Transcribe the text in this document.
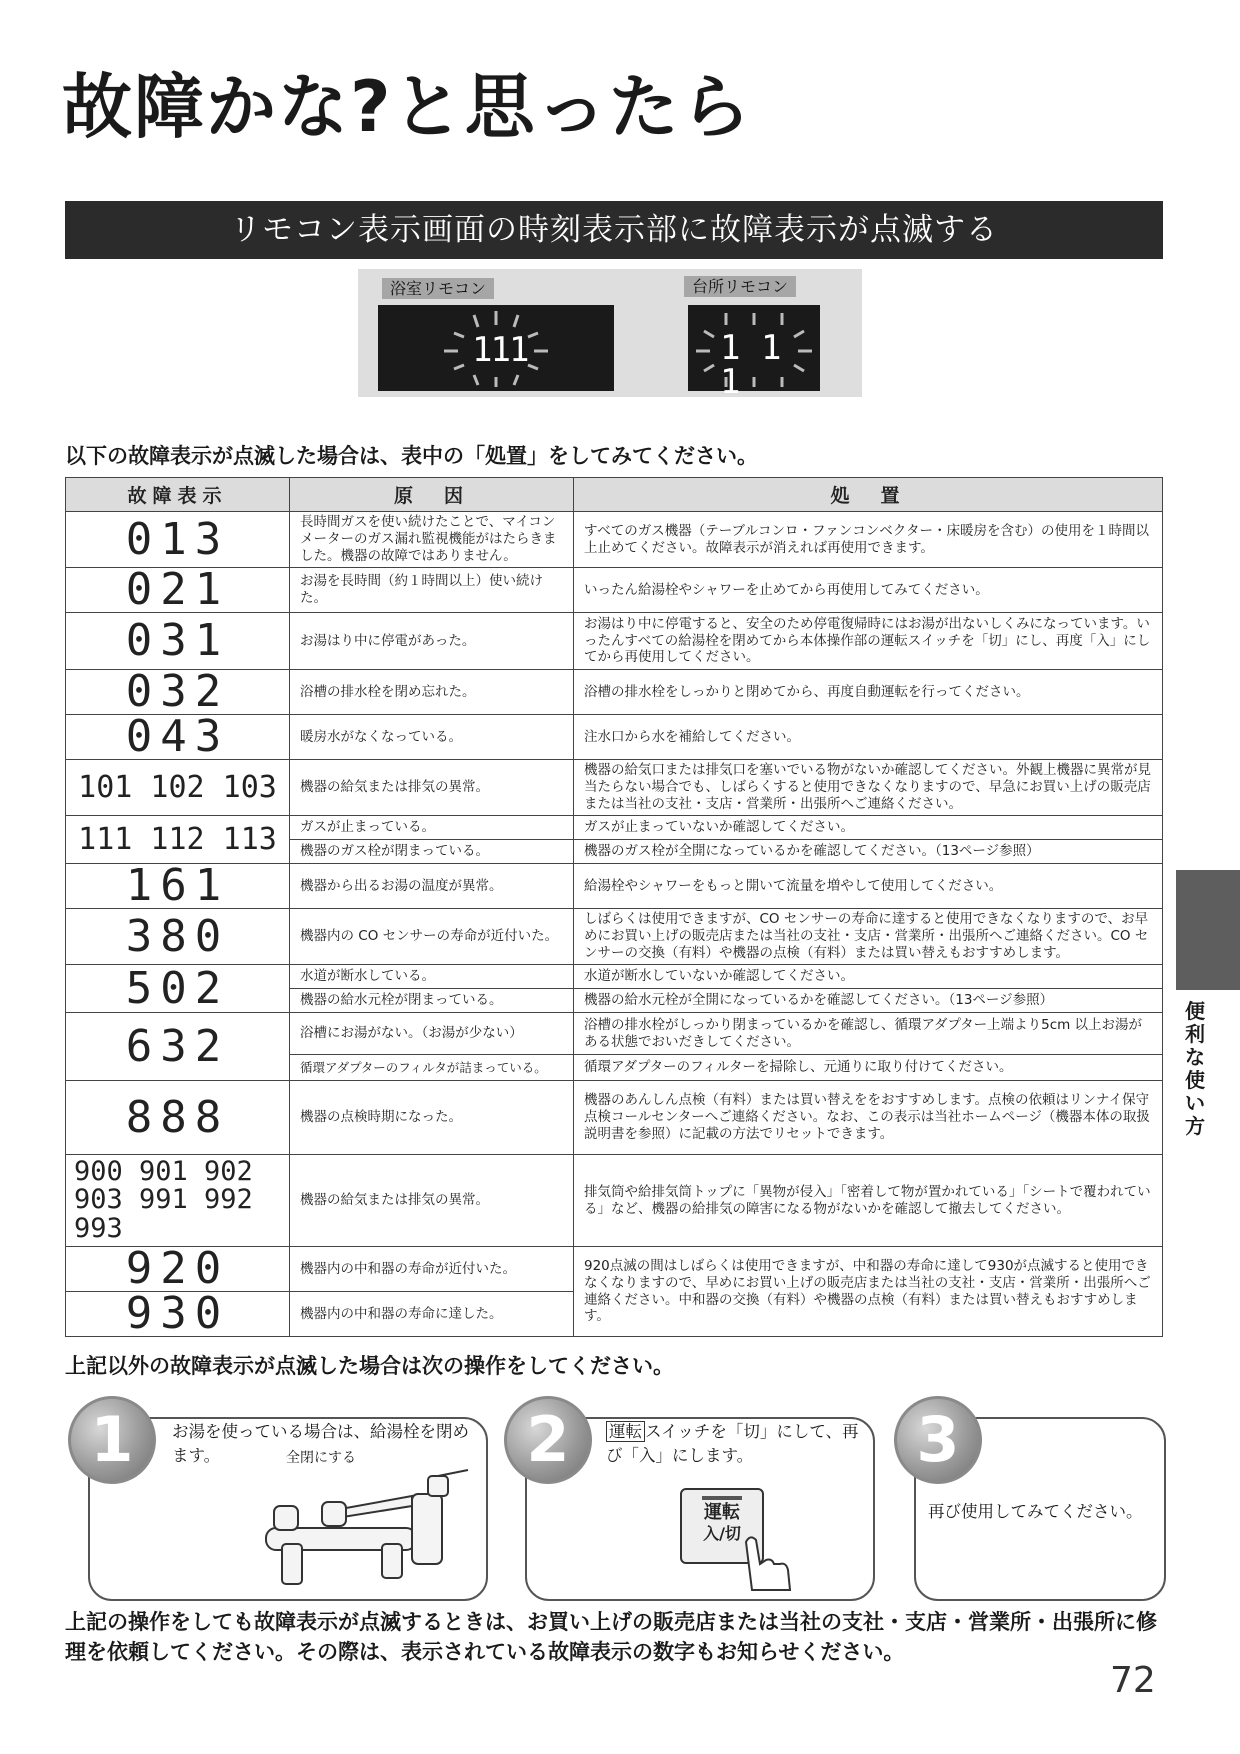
故障かな?と思ったら
リモコン表示画面の時刻表示部に故障表示が点滅する
浴室リモコン
111
台所リモコン
1 1 1
以下の故障表示が点滅した場合は、表中の「処置」をしてみてください。
故障表示	原　因	処　置
013	長時間ガスを使い続けたことで、マイコンメーターのガス漏れ監視機能がはたらきました。機器の故障ではありません。	すべてのガス機器（テーブルコンロ・ファンコンベクター・床暖房を含む）の使用を１時間以上止めてください。故障表示が消えれば再使用できます。
021	お湯を長時間（約１時間以上）使い続けた。	いったん給湯栓やシャワーを止めてから再使用してみてください。
031	お湯はり中に停電があった。	お湯はり中に停電すると、安全のため停電復帰時にはお湯が出ないしくみになっています。いったんすべての給湯栓を閉めてから本体操作部の運転スイッチを「切」にし、再度「入」にしてから再使用してください。
032	浴槽の排水栓を閉め忘れた。	浴槽の排水栓をしっかりと閉めてから、再度自動運転を行ってください。
043	暖房水がなくなっている。	注水口から水を補給してください。
101 102 103	機器の給気または排気の異常。	機器の給気口または排気口を塞いでいる物がないか確認してください。外観上機器に異常が見当たらない場合でも、しばらくすると使用できなくなりますので、早急にお買い上げの販売店または当社の支社・支店・営業所・出張所へご連絡ください。
111 112 113	ガスが止まっている。	ガスが止まっていないか確認してください。
	機器のガス栓が閉まっている。	機器のガス栓が全開になっているかを確認してください。（13ページ参照）
161	機器から出るお湯の温度が異常。	給湯栓やシャワーをもっと開いて流量を増やして使用してください。
380	機器内の CO センサーの寿命が近付いた。	しばらくは使用できますが、CO センサーの寿命に達すると使用できなくなりますので、お早めにお買い上げの販売店または当社の支社・支店・営業所・出張所へご連絡ください。CO センサーの交換（有料）や機器の点検（有料）または買い替えもおすすめします。
502	水道が断水している。	水道が断水していないか確認してください。
	機器の給水元栓が閉まっている。	機器の給水元栓が全開になっているかを確認してください。（13ページ参照）
632	浴槽にお湯がない。（お湯が少ない）	浴槽の排水栓がしっかり閉まっているかを確認し、循環アダプター上端より5cm 以上お湯がある状態でおいだきしてください。
	循環アダプターのフィルタが詰まっている。	循環アダプターのフィルターを掃除し、元通りに取り付けてください。
888	機器の点検時期になった。	機器のあんしん点検（有料）または買い替えををおすすめします。点検の依頼はリンナイ保守点検コールセンターへご連絡ください。なお、この表示は当社ホームページ（機器本体の取扱説明書を参照）に記載の方法でリセットできます。
900 901 902 903 991 992 993	機器の給気または排気の異常。	排気筒や給排気筒トップに「異物が侵入」「密着して物が置かれている」「シートで覆われている」など、機器の給排気の障害になる物がないかを確認して撤去してください。
920	機器内の中和器の寿命が近付いた。	920点滅の間はしばらくは使用できますが、中和器の寿命に達して930が点滅すると使用できなくなりますので、早めにお買い上げの販売店または当社の支社・支店・営業所・出張所へご連絡ください。中和器の交換（有料）や機器の点検（有料）または買い替えもおすすめします。
930	機器内の中和器の寿命に達した。	
便利な使い方
上記以外の故障表示が点滅した場合は次の操作をしてください。
1	お湯を使っている場合は、給湯栓を閉めます。	全閉にする	2	運転 スイッチを「切」にして、再び「入」にします。
運転
入/切
3
再び使用してみてください。
上記の操作をしても故障表示が点滅するときは、お買い上げの販売店または当社の支社・支店・営業所・出張所に修理を依頼してください。その際は、表示されている故障表示の数字もお知らせください。
72
